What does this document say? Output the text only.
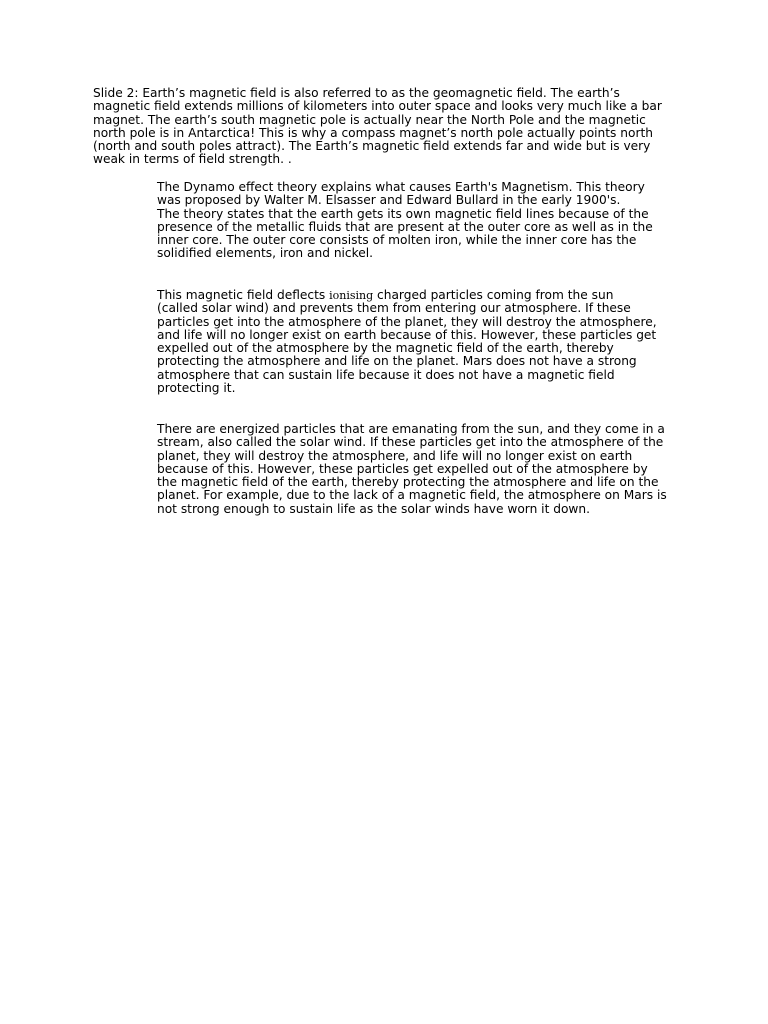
Slide 2: Earth’s magnetic field is also referred to as the geomagnetic field. The earth’s
magnetic field extends millions of kilometers into outer space and looks very much like a bar
magnet. The earth’s south magnetic pole is actually near the North Pole and the magnetic
north pole is in Antarctica! This is why a compass magnet’s north pole actually points north
(north and south poles attract). The Earth’s magnetic field extends far and wide but is very
weak in terms of field strength. .

The Dynamo effect theory explains what causes Earth's Magnetism. This theory
was proposed by Walter M. Elsasser and Edward Bullard in the early 1900's.
The theory states that the earth gets its own magnetic field lines because of the
presence of the metallic fluids that are present at the outer core as well as in the
inner core. The outer core consists of molten iron, while the inner core has the
solidified elements, iron and nickel.

This magnetic field deflects ionising charged particles coming from the sun
(called solar wind) and prevents them from entering our atmosphere. If these
particles get into the atmosphere of the planet, they will destroy the atmosphere,
and life will no longer exist on earth because of this. However, these particles get
expelled out of the atmosphere by the magnetic field of the earth, thereby
protecting the atmosphere and life on the planet. Mars does not have a strong
atmosphere that can sustain life because it does not have a magnetic field
protecting it.

There are energized particles that are emanating from the sun, and they come in a
stream, also called the solar wind. If these particles get into the atmosphere of the
planet, they will destroy the atmosphere, and life will no longer exist on earth
because of this. However, these particles get expelled out of the atmosphere by
the magnetic field of the earth, thereby protecting the atmosphere and life on the
planet. For example, due to the lack of a magnetic field, the atmosphere on Mars is
not strong enough to sustain life as the solar winds have worn it down.
